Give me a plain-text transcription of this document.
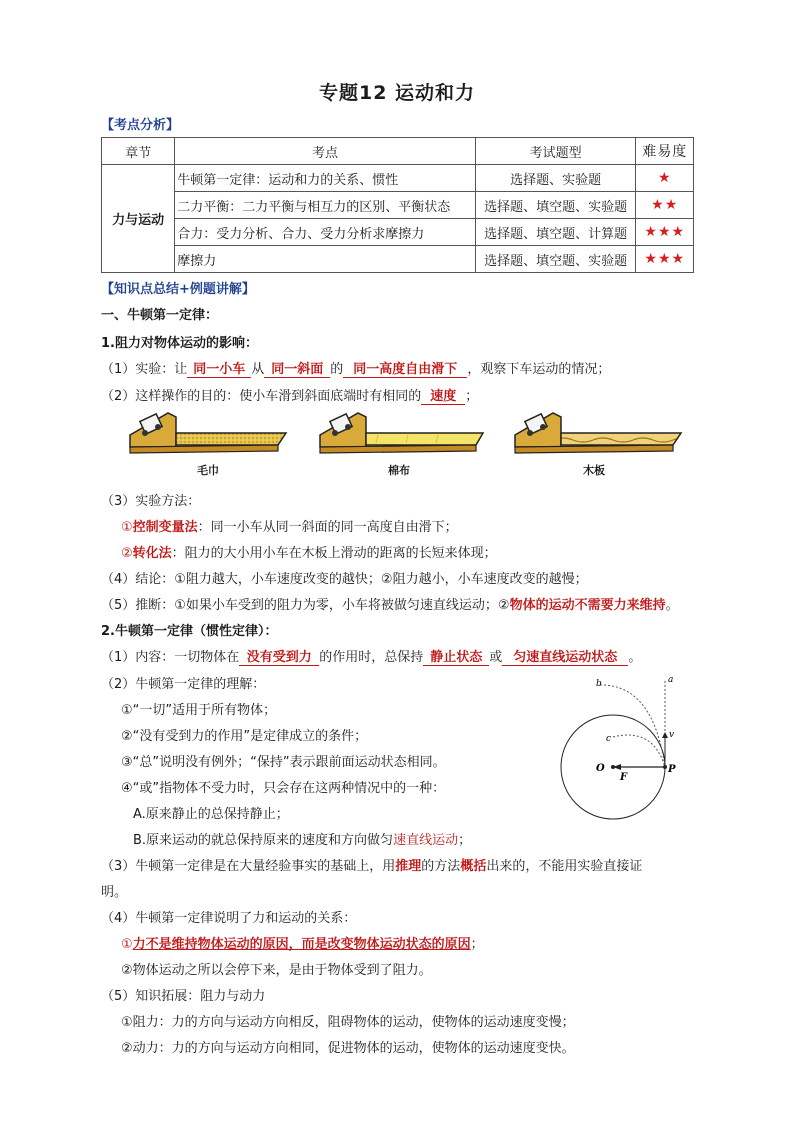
专题12 运动和力
【考点分析】
章节	考点	考试题型	难易度
力与运动	牛顿第一定律：运动和力的关系、惯性	选择题、实验题	★
	二力平衡：二力平衡与相互力的区别、平衡状态	选择题、填空题、实验题	★★
	合力：受力分析、合力、受力分析求摩擦力	选择题、填空题、计算题	★★★
	摩擦力	选择题、填空题、实验题	★★★
【知识点总结+例题讲解】
一、牛顿第一定律：
1.阻力对物体运动的影响：
（1）实验：让 同一小车 从 同一斜面 的 同一高度自由滑下 ，观察下车运动的情况；
（2）这样操作的目的：使小车滑到斜面底端时有相同的 速度 ；
毛巾	棉布	木板
（3）实验方法：
①控制变量法：同一小车从同一斜面的同一高度自由滑下；
②转化法：阻力的大小用小车在木板上滑动的距离的长短来体现；
（4）结论：①阻力越大，小车速度改变的越快；②阻力越小，小车速度改变的越慢；
（5）推断：①如果小车受到的阻力为零，小车将被做匀速直线运动；②物体的运动不需要力来维持。
2.牛顿第一定律（惯性定律）：
（1）内容：一切物体在 没有受到力 的作用时，总保持 静止状态 或 匀速直线运动状态 。
（2）牛顿第一定律的理解：
①“一切”适用于所有物体；
②“没有受到力的作用”是定律成立的条件；
③“总”说明没有例外；“保持”表示跟前面运动状态相同。
④“或”指物体不受力时，只会存在这两种情况中的一种：
A.原来静止的总保持静止；
B.原来运动的就总保持原来的速度和方向做匀速直线运动；
b	a
c	v
O
F
P
（3）牛顿第一定律是在大量经验事实的基础上，用推理的方法概括出来的，不能用实验直接证
明。
（4）牛顿第一定律说明了力和运动的关系：
①力不是维持物体运动的原因，而是改变物体运动状态的原因；
②物体运动之所以会停下来，是由于物体受到了阻力。
（5）知识拓展：阻力与动力
①阻力：力的方向与运动方向相反，阻碍物体的运动，使物体的运动速度变慢；
②动力：力的方向与运动方向相同，促进物体的运动，使物体的运动速度变快。
